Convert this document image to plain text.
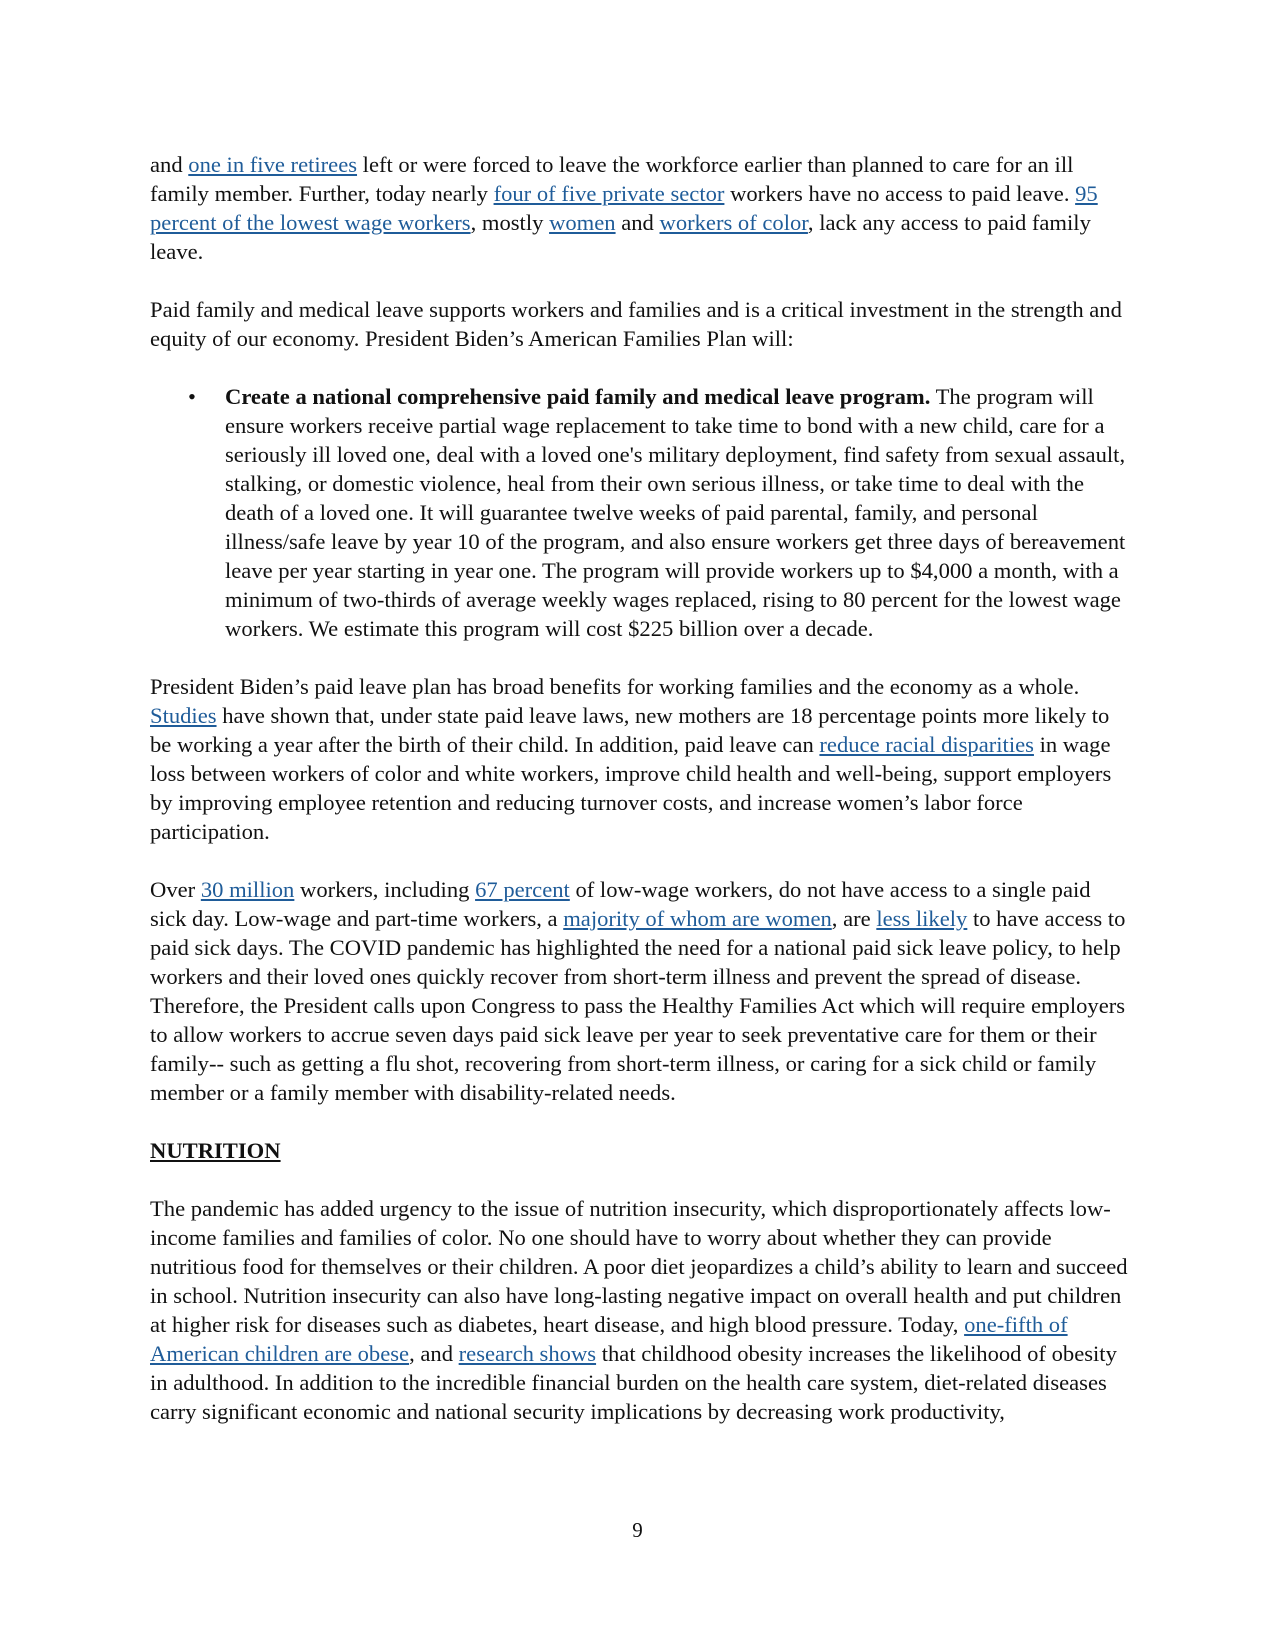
and one in five retirees left or were forced to leave the workforce earlier than planned to care for an ill family member. Further, today nearly four of five private sector workers have no access to paid leave. 95 percent of the lowest wage workers, mostly women and workers of color, lack any access to paid family leave.

Paid family and medical leave supports workers and families and is a critical investment in the strength and equity of our economy. President Biden’s American Families Plan will:

• Create a national comprehensive paid family and medical leave program. The program will ensure workers receive partial wage replacement to take time to bond with a new child, care for a seriously ill loved one, deal with a loved one's military deployment, find safety from sexual assault, stalking, or domestic violence, heal from their own serious illness, or take time to deal with the death of a loved one. It will guarantee twelve weeks of paid parental, family, and personal illness/safe leave by year 10 of the program, and also ensure workers get three days of bereavement leave per year starting in year one. The program will provide workers up to $4,000 a month, with a minimum of two-thirds of average weekly wages replaced, rising to 80 percent for the lowest wage workers. We estimate this program will cost $225 billion over a decade.

President Biden’s paid leave plan has broad benefits for working families and the economy as a whole. Studies have shown that, under state paid leave laws, new mothers are 18 percentage points more likely to be working a year after the birth of their child. In addition, paid leave can reduce racial disparities in wage loss between workers of color and white workers, improve child health and well-being, support employers by improving employee retention and reducing turnover costs, and increase women’s labor force participation.

Over 30 million workers, including 67 percent of low-wage workers, do not have access to a single paid sick day. Low-wage and part-time workers, a majority of whom are women, are less likely to have access to paid sick days. The COVID pandemic has highlighted the need for a national paid sick leave policy, to help workers and their loved ones quickly recover from short-term illness and prevent the spread of disease. Therefore, the President calls upon Congress to pass the Healthy Families Act which will require employers to allow workers to accrue seven days paid sick leave per year to seek preventative care for them or their family-- such as getting a flu shot, recovering from short-term illness, or caring for a sick child or family member or a family member with disability-related needs.

NUTRITION

The pandemic has added urgency to the issue of nutrition insecurity, which disproportionately affects low-income families and families of color. No one should have to worry about whether they can provide nutritious food for themselves or their children. A poor diet jeopardizes a child’s ability to learn and succeed in school. Nutrition insecurity can also have long-lasting negative impact on overall health and put children at higher risk for diseases such as diabetes, heart disease, and high blood pressure. Today, one-fifth of American children are obese, and research shows that childhood obesity increases the likelihood of obesity in adulthood. In addition to the incredible financial burden on the health care system, diet-related diseases carry significant economic and national security implications by decreasing work productivity,

9
